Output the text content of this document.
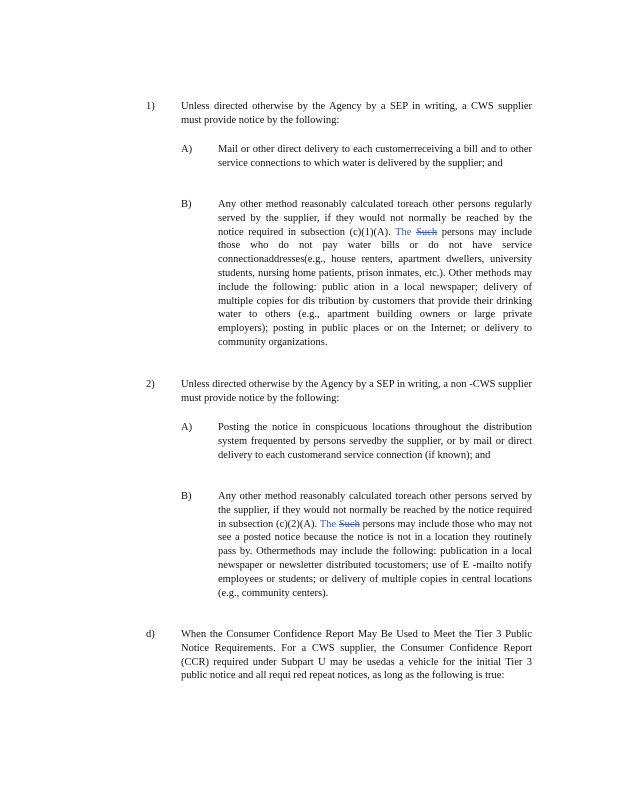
1)	Unless directed otherwise by the Agency by a SEP in writing, a CWS supplier must provide notice by the following:
A) Mail or other direct delivery to each customerreceiving a bill and to other service connections to which water is delivered by the supplier; and
B)	Any other method reasonably calculated toreach other persons regularly served by the supplier, if they would not normally be reached by the notice required in subsection (c)(1)(A). The Such persons may include those who do not pay water bills or do not have service connectionaddresses(e.g., house renters, apartment dwellers, university students, nursing home patients, prison inmates, etc.). Other methods may include the following: public ation in a local newspaper; delivery of multiple copies for dis tribution by customers that provide their drinking water to others (e.g., apartment building owners or large private employers); posting in public places or on the Internet; or delivery to community organizations.
2)	Unless directed otherwise by the Agency by a SEP in writing, a non -CWS supplier must provide notice by the following:
A) Posting the notice in conspicuous locations throughout the distribution system frequented by persons servedby the supplier, or by mail or direct delivery to each customerand service connection (if known); and
B)	Any other method reasonably calculated toreach other persons served by the supplier, if they would not normally be reached by the notice required in subsection (c)(2)(A). The Such persons may include those who may not see a posted notice because the notice is not in a location they routinely pass by. Othermethods may include the following: publication in a local newspaper or newsletter distributed tocustomers; use of E -mailto notify employees or students; or delivery of multiple copies in central locations (e.g., community centers).
d)	When the Consumer Confidence Report May Be Used to Meet the Tier 3 Public Notice Requirements. For a CWS supplier, the Consumer Confidence Report (CCR) required under Subpart U may be usedas a vehicle for the initial Tier 3 public notice and all requi red repeat notices, as long as the following is true:
